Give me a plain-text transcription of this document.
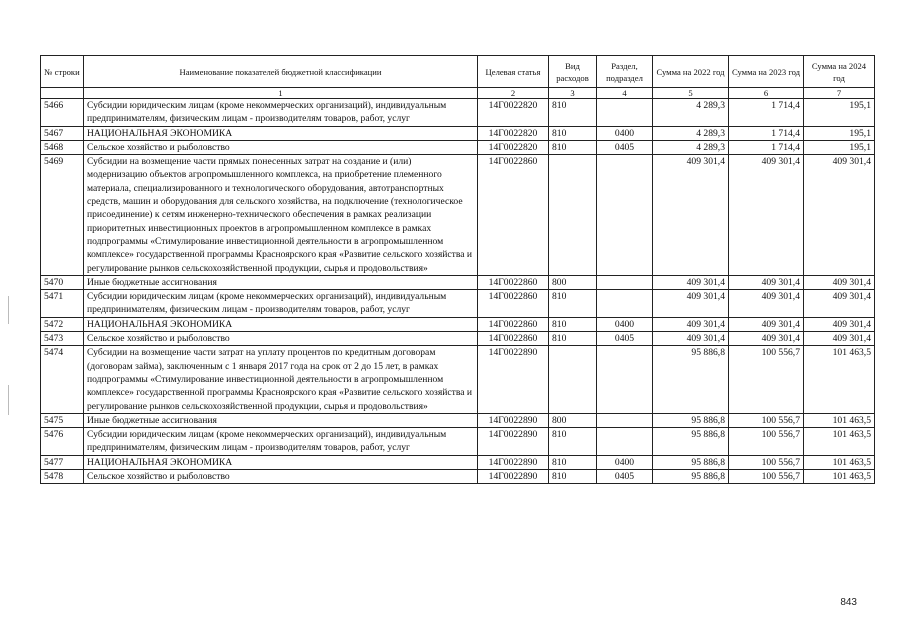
№ строки	Наименование показателей бюджетной классификации	Целевая статья	Вид расходов	Раздел, подраздел	Сумма на 2022 год	Сумма на 2023 год	Сумма на 2024 год
	1	2	3	4	5	6	7
5466	Субсидии юридическим лицам (кроме некоммерческих организаций), индивидуальным предпринимателям, физическим лицам - производителям товаров, работ, услуг	14Г0022820	810		4 289,3	1 714,4	195,1
5467	НАЦИОНАЛЬНАЯ ЭКОНОМИКА	14Г0022820	810	0400	4 289,3	1 714,4	195,1
5468	Сельское хозяйство и рыболовство	14Г0022820	810	0405	4 289,3	1 714,4	195,1
5469	Субсидии на возмещение части прямых понесенных затрат на создание и (или) модернизацию объектов агропромышленного комплекса, на приобретение племенного материала, специализированного и технологического оборудования, автотранспортных средств, машин и оборудования для сельского хозяйства, на подключение (технологическое присоединение) к сетям инженерно-технического обеспечения в рамках реализации приоритетных инвестиционных проектов в агропромышленном комплексе в рамках подпрограммы «Стимулирование инвестиционной деятельности в агропромышленном комплексе» государственной программы Красноярского края «Развитие сельского хозяйства и регулирование рынков сельскохозяйственной продукции, сырья и продовольствия»	14Г0022860			409 301,4	409 301,4	409 301,4
5470	Иные бюджетные ассигнования	14Г0022860	800		409 301,4	409 301,4	409 301,4
5471	Субсидии юридическим лицам (кроме некоммерческих организаций), индивидуальным предпринимателям, физическим лицам - производителям товаров, работ, услуг	14Г0022860	810		409 301,4	409 301,4	409 301,4
5472	НАЦИОНАЛЬНАЯ ЭКОНОМИКА	14Г0022860	810	0400	409 301,4	409 301,4	409 301,4
5473	Сельское хозяйство и рыболовство	14Г0022860	810	0405	409 301,4	409 301,4	409 301,4
5474	Субсидии на возмещение части затрат на уплату процентов по кредитным договорам (договорам займа), заключенным с 1 января 2017 года на срок от 2 до 15 лет, в рамках подпрограммы «Стимулирование инвестиционной деятельности в агропромышленном комплексе» государственной программы Красноярского края «Развитие сельского хозяйства и регулирование рынков сельскохозяйственной продукции, сырья и продовольствия»	14Г0022890			95 886,8	100 556,7	101 463,5
5475	Иные бюджетные ассигнования	14Г0022890	800		95 886,8	100 556,7	101 463,5
5476	Субсидии юридическим лицам (кроме некоммерческих организаций), индивидуальным предпринимателям, физическим лицам - производителям товаров, работ, услуг	14Г0022890	810		95 886,8	100 556,7	101 463,5
5477	НАЦИОНАЛЬНАЯ ЭКОНОМИКА	14Г0022890	810	0400	95 886,8	100 556,7	101 463,5
5478	Сельское хозяйство и рыболовство	14Г0022890	810	0405	95 886,8	100 556,7	101 463,5
843
